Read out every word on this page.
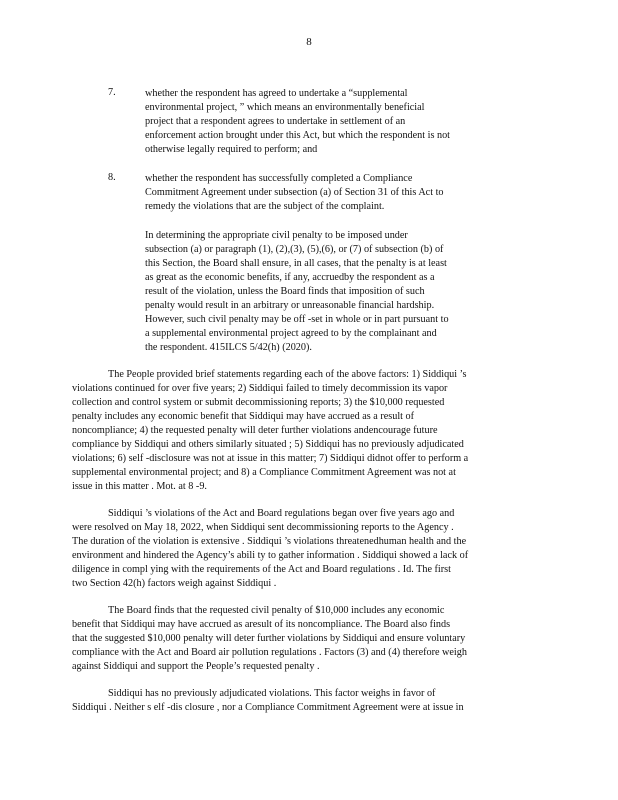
8
7.	whether the respondent has agreed to undertake a “supplemental
environmental project, ” which means an environmentally beneficial
project that a respondent agrees to undertake in settlement of an
enforcement action brought under this Act, but which the respondent is not
otherwise legally required to perform; and
8.	whether the respondent has successfully completed a Compliance
Commitment Agreement under subsection (a) of Section 31 of this Act to
remedy the violations that are the subject of the complaint.
In determining the appropriate civil penalty to be imposed under
subsection (a) or paragraph (1), (2),(3), (5),(6), or (7) of subsection (b) of
this Section, the Board shall ensure, in all cases, that the penalty is at least
as great as the economic benefits, if any, accruedby the respondent as a
result of the violation, unless the Board finds that imposition of such
penalty would result in an arbitrary or unreasonable financial hardship.
However, such civil penalty may be off -set in whole or in part pursuant to
a supplemental environmental project agreed to by the complainant and
the respondent. 415ILCS 5/42(h) (2020).
The People provided brief statements regarding each of the above factors: 1) Siddiqui ’s
violations continued for over five years; 2) Siddiqui failed to timely decommission its vapor
collection and control system or submit decommissioning reports; 3) the $10,000 requested
penalty includes any economic benefit that Siddiqui may have accrued as a result of
noncompliance; 4) the requested penalty will deter further violations andencourage future
compliance by Siddiqui and others similarly situated ; 5) Siddiqui has no previously adjudicated
violations; 6) self -disclosure was not at issue in this matter; 7) Siddiqui didnot offer to perform a
supplemental environmental project; and 8) a Compliance Commitment Agreement was not at
issue in this matter . Mot. at 8 -9.
Siddiqui ’s violations of the Act and Board regulations began over five years ago and
were resolved on May 18, 2022, when Siddiqui sent decommissioning reports to the Agency .
The duration of the violation is extensive . Siddiqui ’s violations threatenedhuman health and the
environment and hindered the Agency’s abili ty to gather information . Siddiqui showed a lack of
diligence in compl ying with the requirements of the Act and Board regulations . Id. The first
two Section 42(h) factors weigh against Siddiqui .
The Board finds that the requested civil penalty of $10,000 includes any economic
benefit that Siddiqui may have accrued as aresult of its noncompliance. The Board also finds
that the suggested $10,000 penalty will deter further violations by Siddiqui and ensure voluntary
compliance with the Act and Board air pollution regulations . Factors (3) and (4) therefore weigh
against Siddiqui and support the People’s requested penalty .
Siddiqui has no previously adjudicated violations. This factor weighs in favor of
Siddiqui . Neither s elf -dis closure , nor a Compliance Commitment Agreement were at issue in
